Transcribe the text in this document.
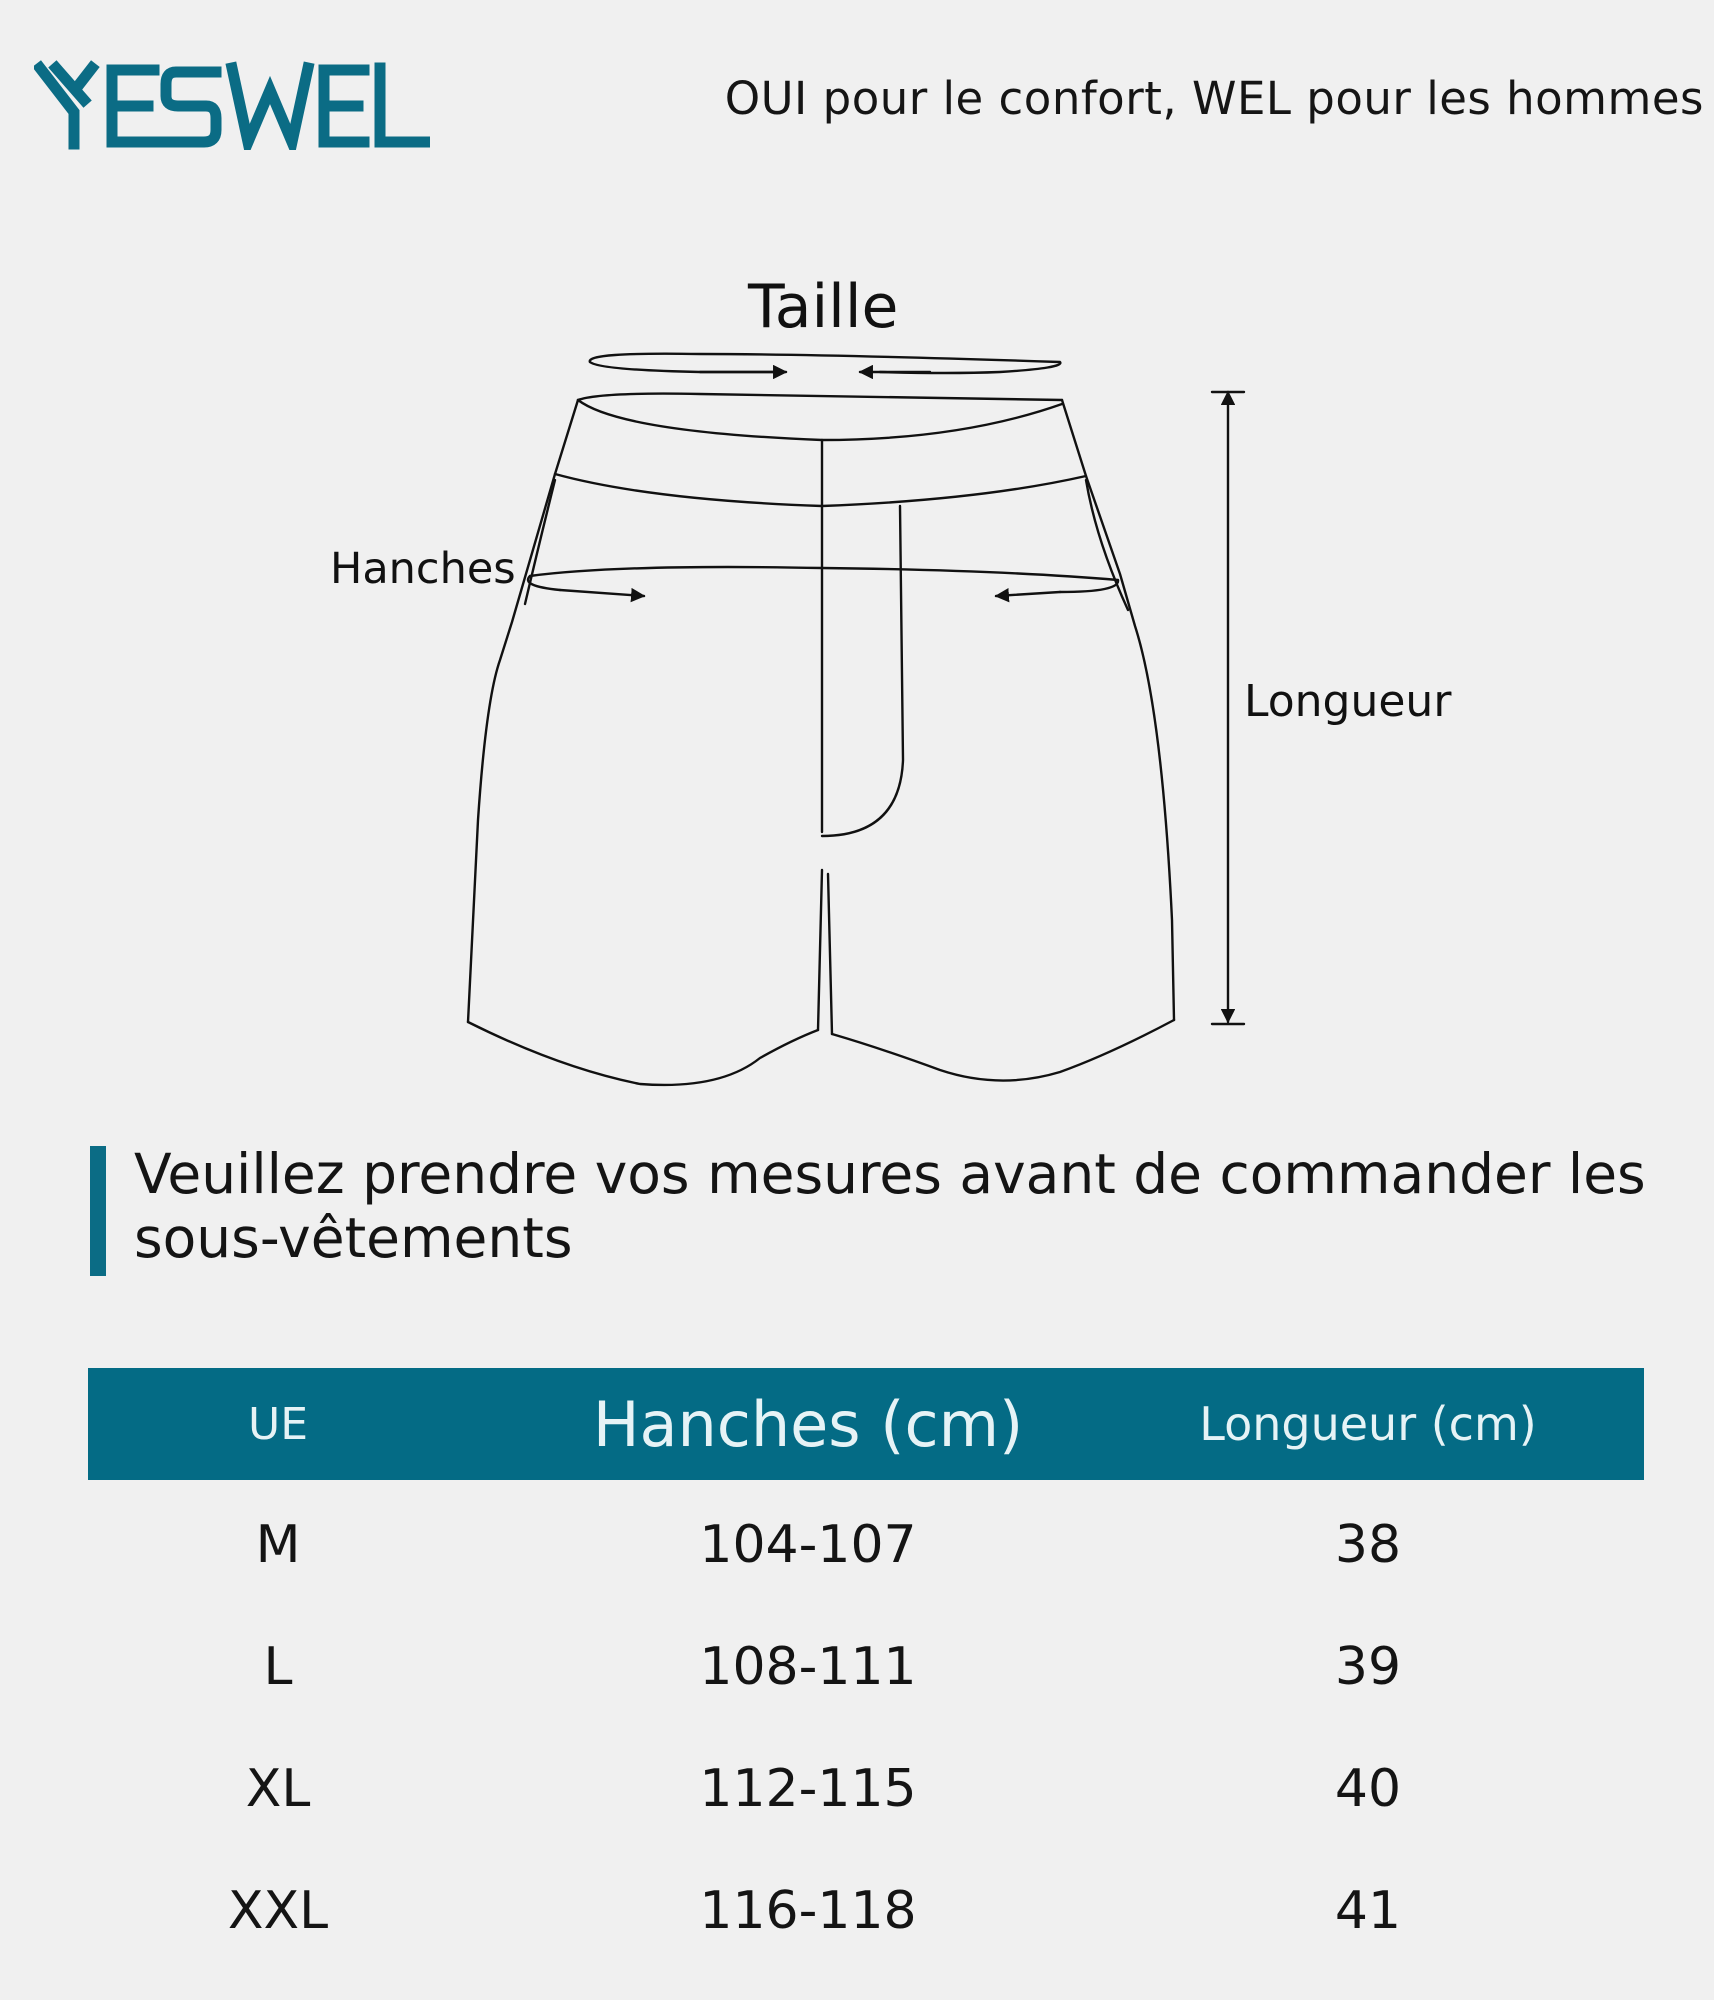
OUI pour le confort, WEL pour les hommes
Taille
Hanches
Longueur
Veuillez prendre vos mesures avant de commander les sous-vêtements
UE	Hanches (cm)	Longueur (cm)
M	104-107	38
L	108-111	39
XL	112-115	40
XXL	116-118	41
